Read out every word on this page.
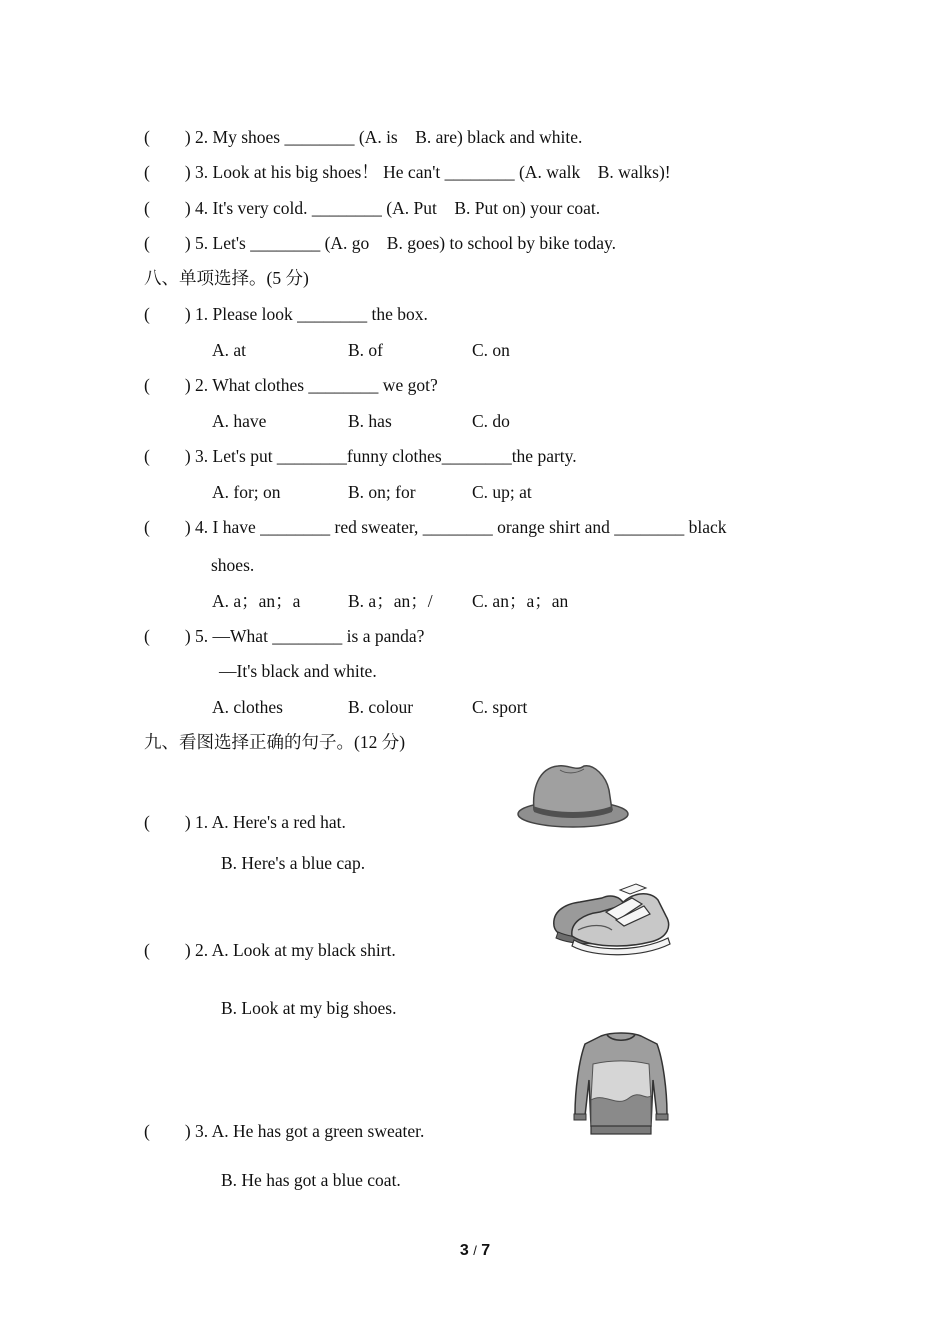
(        ) 2. My shoes ________ (A. is    B. are) black and white.
(        ) 3. Look at his big shoes！ He can't ________ (A. walk    B. walks)!
(        ) 4. It's very cold. ________ (A. Put    B. Put on) your coat.
(        ) 5. Let's ________ (A. go    B. goes) to school by bike today.
八、单项选择。(5 分)
(        ) 1. Please look ________ the box.
A. at	B. of	C. on
(        ) 2. What clothes ________ we got?
A. have	B. has	C. do
(        ) 3. Let's put ________funny clothes________the party.
A. for; on	B. on; for	C. up; at
(        ) 4. I have ________ red sweater, ________ orange shirt and ________ black
shoes.
A. a；an；a	B. a；an；/ C. an；a；an
(        ) 5. —What ________ is a panda?
—It's black and white.
A. clothes	B. colour	C. sport
九、看图选择正确的句子。(12 分)
(        ) 1. A. Here's a red hat.
B. Here's a blue cap.
(        ) 2. A. Look at my black shirt.
B. Look at my big shoes.
(        ) 3. A. He has got a green sweater.
B. He has got a blue coat.
3 / 7
